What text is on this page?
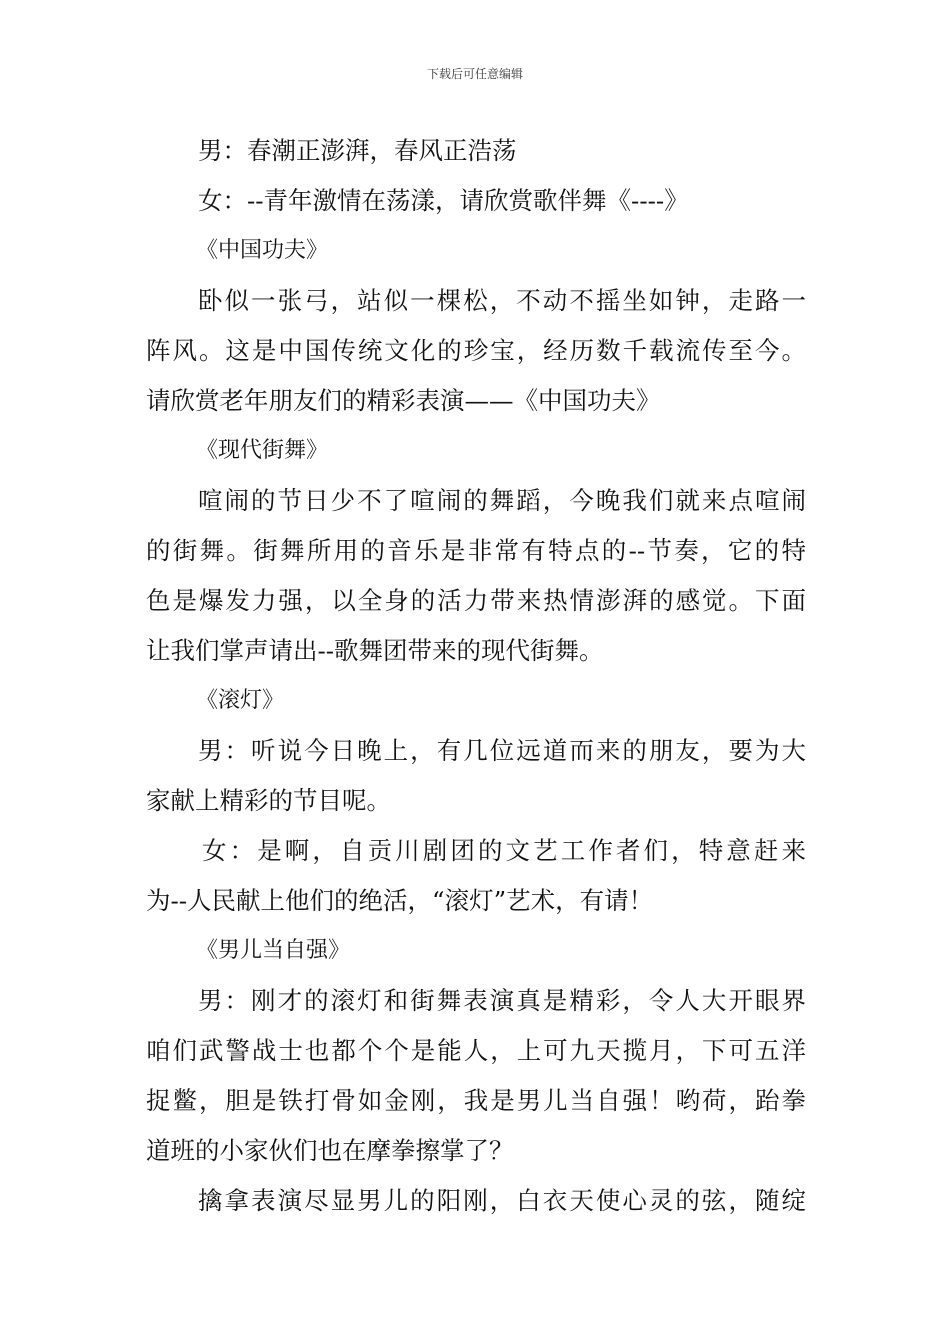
下载后可任意编辑
男：春潮正澎湃，春风正浩荡
女：--青年激情在荡漾，请欣赏歌伴舞《----》
《中国功夫》
卧似一张弓，站似一棵松，不动不摇坐如钟，走路一
阵风。这是中国传统文化的珍宝，经历数千载流传至今。
请欣赏老年朋友们的精彩表演——《中国功夫》
《现代街舞》
喧闹的节日少不了喧闹的舞蹈，今晚我们就来点喧闹
的街舞。街舞所用的音乐是非常有特点的--节奏，它的特
色是爆发力强，以全身的活力带来热情澎湃的感觉。下面
让我们掌声请出--歌舞团带来的现代街舞。
《滚灯》
男：听说今日晚上，有几位远道而来的朋友，要为大
家献上精彩的节目呢。
女：是啊，自贡川剧团的文艺工作者们，特意赶来
为--人民献上他们的绝活，“滚灯”艺术，有请！
《男儿当自强》
男：刚才的滚灯和街舞表演真是精彩，令人大开眼界
咱们武警战士也都个个是能人，上可九天揽月，下可五洋
捉鳖，胆是铁打骨如金刚，我是男儿当自强！哟荷，跆拳
道班的小家伙们也在摩拳擦掌了？
擒拿表演尽显男儿的阳刚，白衣天使心灵的弦，随绽
